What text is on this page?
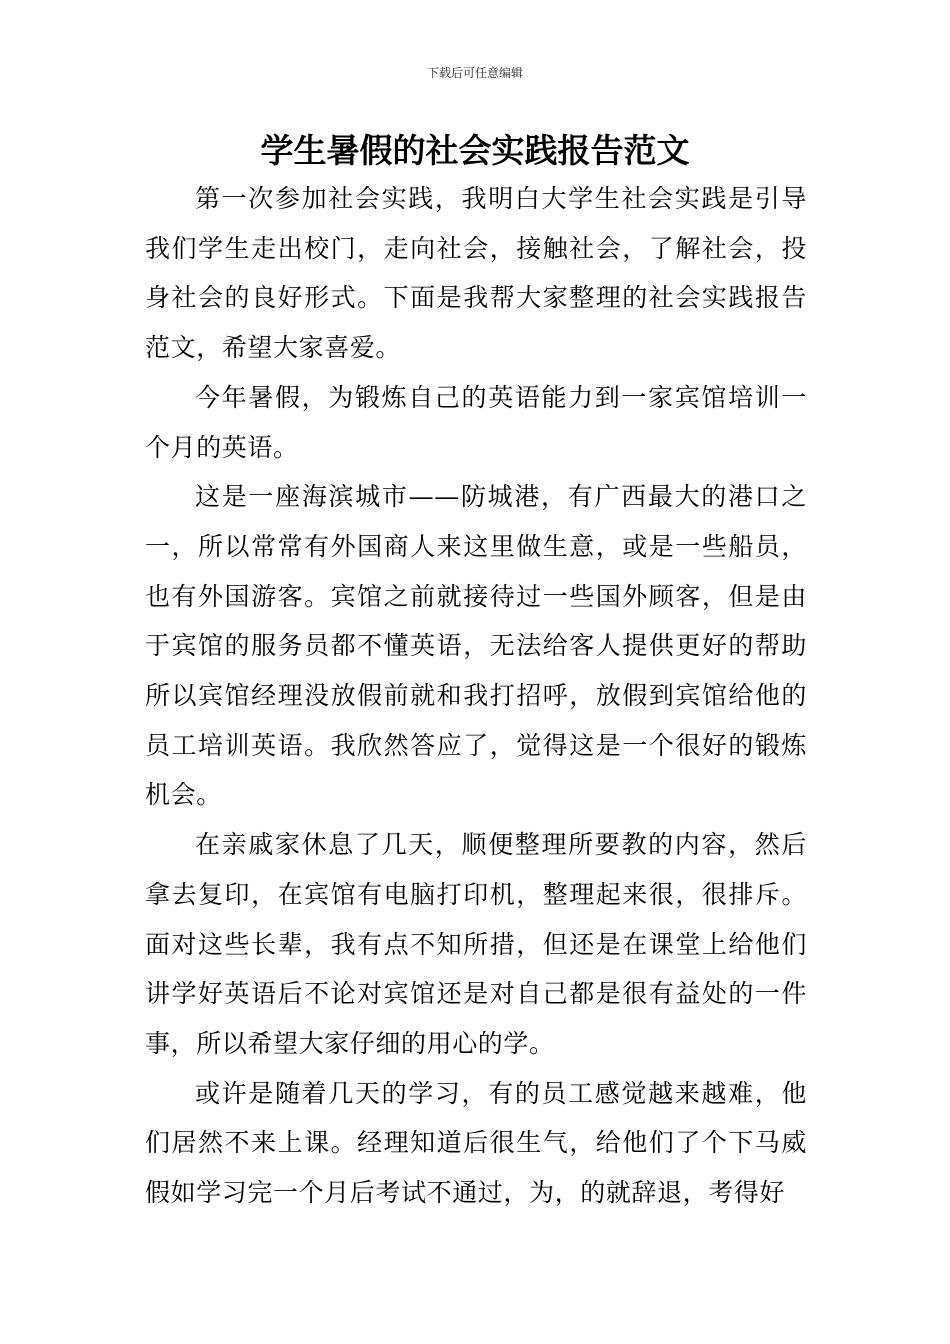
下载后可任意编辑
学生暑假的社会实践报告范文

第一次参加社会实践，我明白大学生社会实践是引导我们学生走出校门，走向社会，接触社会，了解社会，投身社会的良好形式。下面是我帮大家整理的社会实践报告范文，希望大家喜爱。

今年暑假，为锻炼自己的英语能力到一家宾馆培训一个月的英语。

这是一座海滨城市——防城港，有广西最大的港口之一，所以常常有外国商人来这里做生意，或是一些船员，也有外国游客。宾馆之前就接待过一些国外顾客，但是由于宾馆的服务员都不懂英语，无法给客人提供更好的帮助所以宾馆经理没放假前就和我打招呼，放假到宾馆给他的员工培训英语。我欣然答应了，觉得这是一个很好的锻炼机会。

在亲戚家休息了几天，顺便整理所要教的内容，然后拿去复印，在宾馆有电脑打印机，整理起来很，很排斥。面对这些长辈，我有点不知所措，但还是在课堂上给他们讲学好英语后不论对宾馆还是对自己都是很有益处的一件事，所以希望大家仔细的用心的学。

或许是随着几天的学习，有的员工感觉越来越难，他们居然不来上课。经理知道后很生气，给他们了个下马威假如学习完一个月后考试不通过，为，的就辞退，考得好
